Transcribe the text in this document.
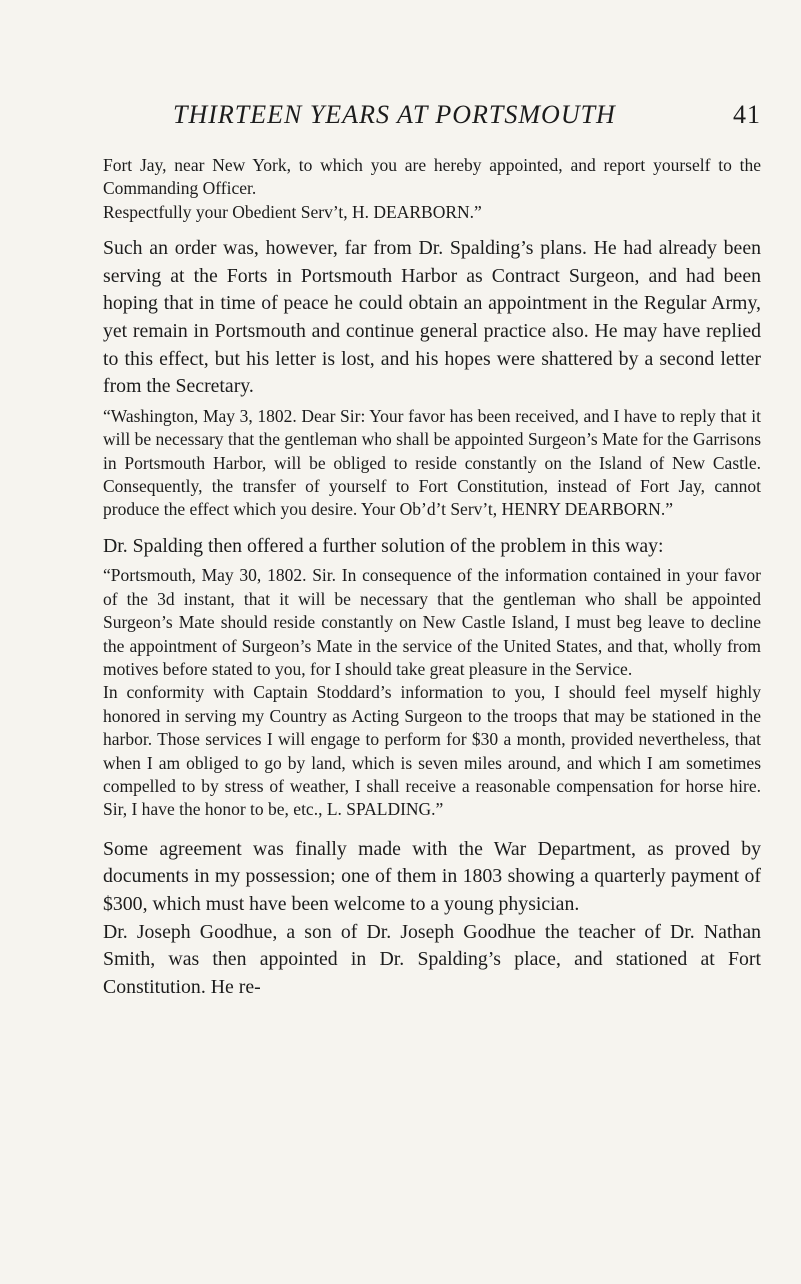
THIRTEEN YEARS AT PORTSMOUTH	41

Fort Jay, near New York, to which you are hereby appointed, and report yourself to the Commanding Officer.

Respectfully your Obedient Serv’t, H. DEARBORN.”

Such an order was, however, far from Dr. Spalding’s plans. He had already been serving at the Forts in Portsmouth Harbor as Contract Surgeon, and had been hoping that in time of peace he could obtain an appointment in the Regular Army, yet remain in Portsmouth and continue general practice also. He may have replied to this effect, but his letter is lost, and his hopes were shattered by a second letter from the Secretary.

“Washington, May 3, 1802. Dear Sir: Your favor has been received, and I have to reply that it will be necessary that the gentleman who shall be appointed Surgeon’s Mate for the Garrisons in Portsmouth Harbor, will be obliged to reside constantly on the Island of New Castle. Consequently, the transfer of yourself to Fort Constitution, instead of Fort Jay, cannot produce the effect which you desire. Your Ob’d’t Serv’t, HENRY DEARBORN.”

Dr. Spalding then offered a further solution of the problem in this way:

“Portsmouth, May 30, 1802. Sir. In consequence of the information contained in your favor of the 3d instant, that it will be necessary that the gentleman who shall be appointed Surgeon’s Mate should reside constantly on New Castle Island, I must beg leave to decline the appointment of Surgeon’s Mate in the service of the United States, and that, wholly from motives before stated to you, for I should take great pleasure in the Service.

In conformity with Captain Stoddard’s information to you, I should feel myself highly honored in serving my Country as Acting Surgeon to the troops that may be stationed in the harbor. Those services I will engage to perform for $30 a month, provided nevertheless, that when I am obliged to go by land, which is seven miles around, and which I am sometimes compelled to by stress of weather, I shall receive a reasonable compensation for horse hire. Sir, I have the honor to be, etc., L. SPALDING.”

Some agreement was finally made with the War Department, as proved by documents in my possession; one of them in 1803 showing a quarterly payment of $300, which must have been welcome to a young physician.

Dr. Joseph Goodhue, a son of Dr. Joseph Goodhue the teacher of Dr. Nathan Smith, was then appointed in Dr. Spalding’s place, and stationed at Fort Constitution. He re-
